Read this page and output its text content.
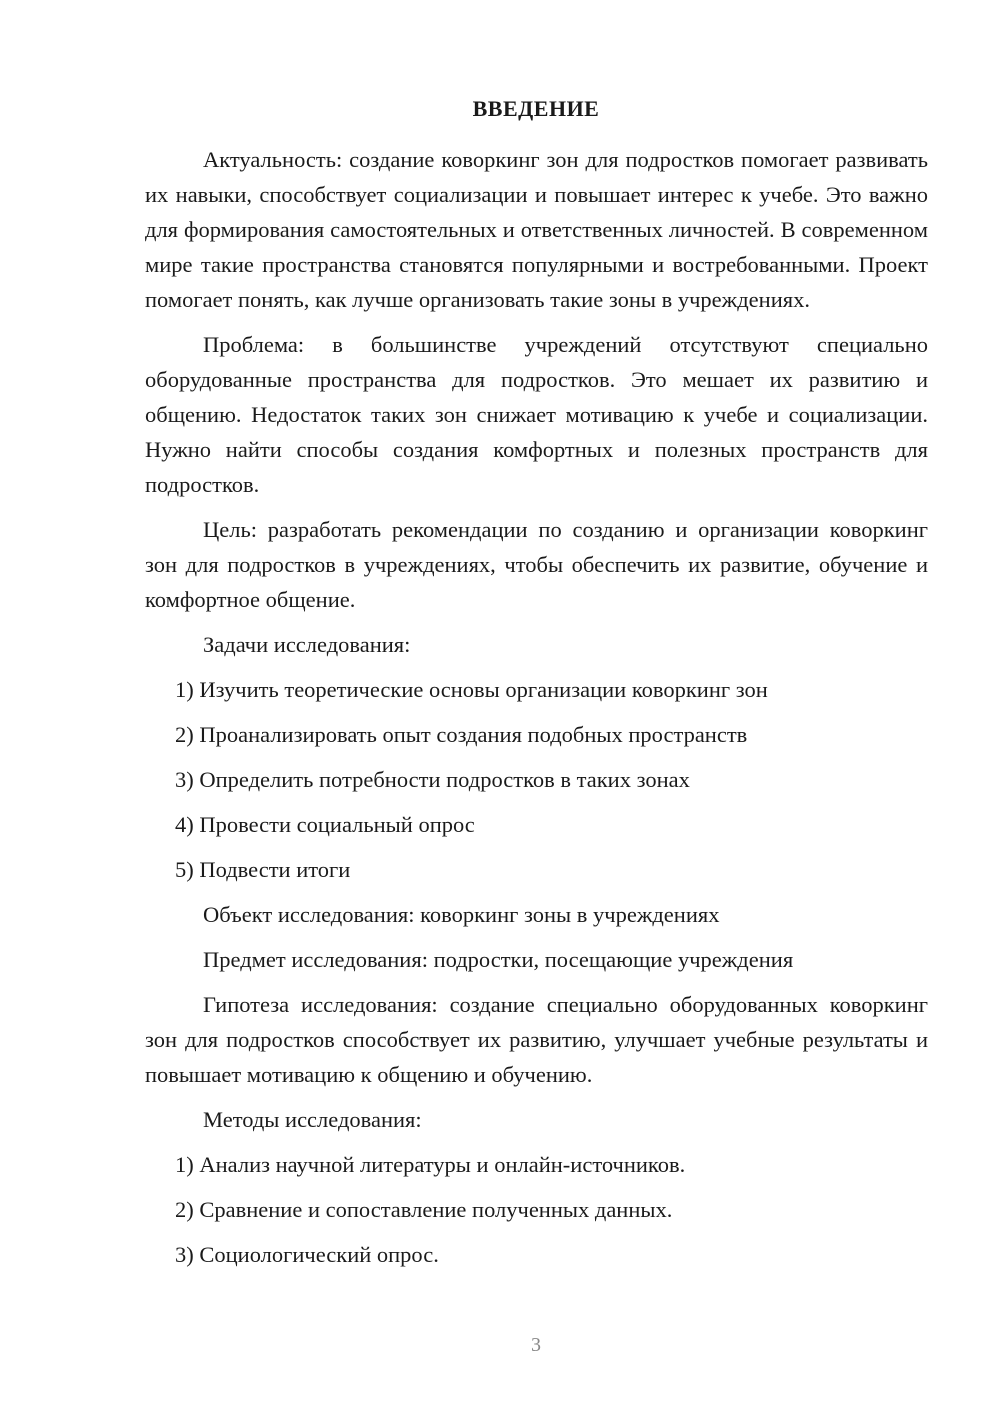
ВВЕДЕНИЕ

Актуальность: создание коворкинг зон для подростков помогает развивать их навыки, способствует социализации и повышает интерес к учебе. Это важно для формирования самостоятельных и ответственных личностей. В современном мире такие пространства становятся популярными и востребованными. Проект помогает понять, как лучше организовать такие зоны в учреждениях.

Проблема: в большинстве учреждений отсутствуют специально оборудованные пространства для подростков. Это мешает их развитию и общению. Недостаток таких зон снижает мотивацию к учебе и социализации. Нужно найти способы создания комфортных и полезных пространств для подростков.

Цель: разработать рекомендации по созданию и организации коворкинг зон для подростков в учреждениях, чтобы обеспечить их развитие, обучение и комфортное общение.

Задачи исследования:

1) Изучить теоретические основы организации коворкинг зон

2) Проанализировать опыт создания подобных пространств

3) Определить потребности подростков в таких зонах

4) Провести социальный опрос

5) Подвести итоги

Объект исследования: коворкинг зоны в учреждениях

Предмет исследования: подростки, посещающие учреждения

Гипотеза исследования: создание специально оборудованных коворкинг зон для подростков способствует их развитию, улучшает учебные результаты и повышает мотивацию к общению и обучению.

Методы исследования:

1) Анализ научной литературы и онлайн-источников.

2) Сравнение и сопоставление полученных данных.

3) Социологический опрос.

3
